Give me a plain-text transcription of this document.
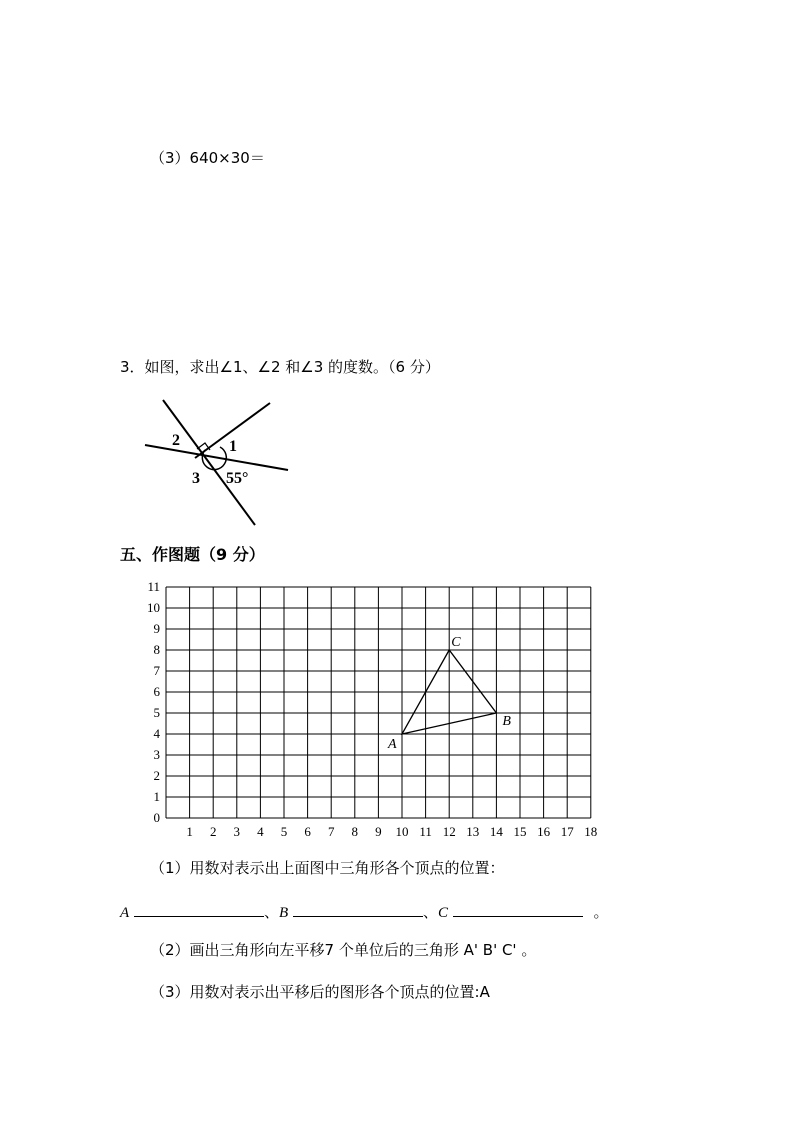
（3）640×30＝
3．如图，求出∠1、∠2 和∠3 的度数。（6 分）
2	1
3 55°
五、作图题（9 分）
1 2 3 4 5 6 7 8 9 10 11 12 13 14 15 16 17 18
0
1
2
3
4
5
6
7
8
9
10
11
A
B
C
（1）用数对表示出上面图中三角形各个顶点的位置：
A	、B	、C	。
（2）画出三角形向左平移7 个单位后的三角形 A' B' C' 。
（3）用数对表示出平移后的图形各个顶点的位置:A
